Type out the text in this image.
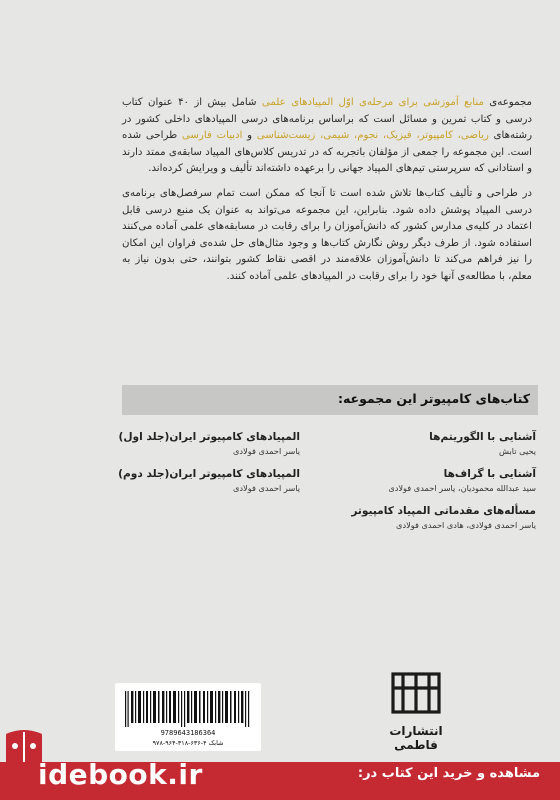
مجموعه‌ی منابع آموزشی برای مرحله‌ی اوّل المپیادهای علمی شامل بیش از ۴۰ عنوان کتاب درسی و کتاب تمرین و مسائل است که براساس برنامه‌های درسی المپیادهای داخلی کشور در رشته‌های ریاضی، کامپیوتر، فیزیک، نجوم، شیمی، زیست‌شناسی و ادبیات فارسی طراحی شده است. این مجموعه را جمعی از مؤلفان باتجربه که در تدریس کلاس‌های المپیاد سابقه‌ی ممتد دارند و استادانی که سرپرستی تیم‌های المپیاد جهانی را برعهده داشته‌اند تألیف و ویرایش کرده‌اند.

در طراحی و تألیف کتاب‌ها تلاش شده است تا آنجا که ممکن است تمام سرفصل‌های برنامه‌ی درسی المپیاد پوشش داده شود. بنابراین، این مجموعه می‌تواند به عنوان یک منبع درسی قابل اعتماد در کلیه‌ی مدارس کشور که دانش‌آموزان را برای رقابت در مسابقه‌های علمی آماده می‌کنند استفاده شود. از طرف دیگر روش نگارش کتاب‌ها و وجود مثال‌های حل شده‌ی فراوان این امکان را نیز فراهم می‌کند تا دانش‌آموزان علاقه‌مند در اقصی نقاط کشور بتوانند، حتی بدون نیاز به معلم، با مطالعه‌ی آنها خود را برای رقابت در المپیادهای علمی آماده کنند.

کتاب‌های کامپیوتر این مجموعه:
آشنایی با الگوریتم‌ها
یحیی تابش
آشنایی با گراف‌ها
سید عبدالله محمودیان، یاسر احمدی فولادی
مسأله‌های مقدماتی المپیاد کامپیوتر
یاسر احمدی فولادی، هادی احمدی فولادی
المپیادهای کامپیوتر ایران(جلد اول)
یاسر احمدی فولادی
المپیادهای کامپیوتر ایران(جلد دوم)
یاسر احمدی فولادی
9789643186364
شابک ۴-۶۳۶-۳۱۸-۹۶۴-۹۷۸
انتشارات فاطمی
idebook.ir	مشاهده و خرید این کتاب در:
